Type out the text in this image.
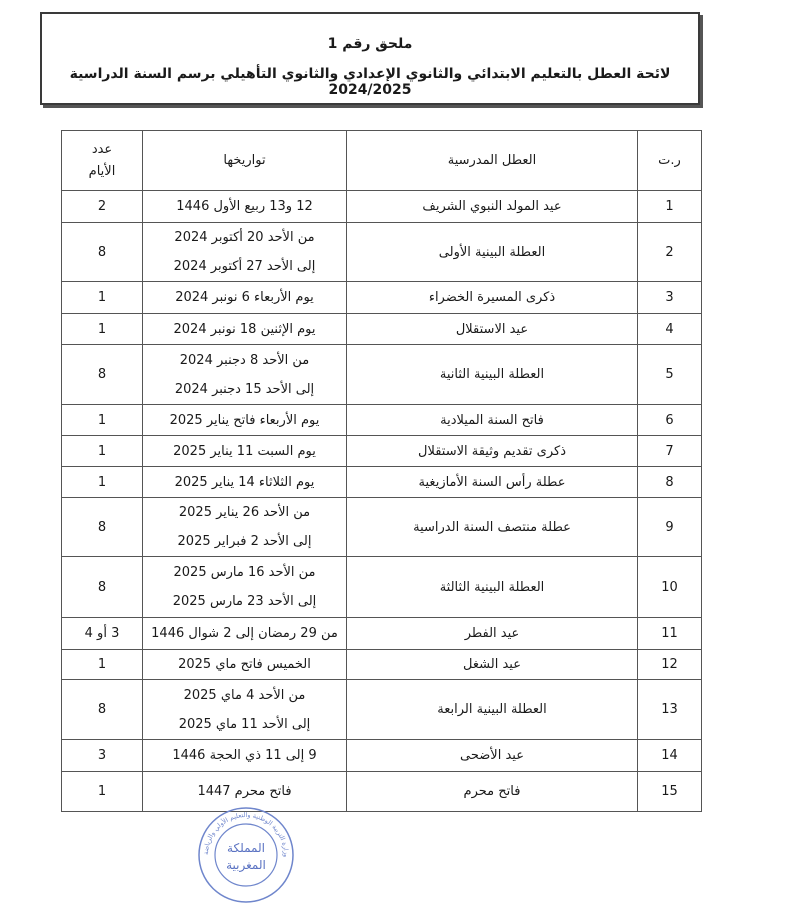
ملحق رقم 1
لائحة العطل بالتعليم الابتدائي والثانوي الإعدادي والثانوي التأهيلي برسم السنة الدراسية 2024/2025
ر.ت	العطل المدرسية	تواريخها	عدد
الأيام

1	عيد المولد النبوي الشريف	12 و13 ربيع الأول 1446	2
2	العطلة البينية الأولى	من الأحد 20 أكتوبر 2024
إلى الأحد 27 أكتوبر 2024	8
3	ذكرى المسيرة الخضراء	يوم الأربعاء 6 نونبر 2024	1
4	عيد الاستقلال	يوم الإثنين 18 نونبر 2024	1
5	العطلة البينية الثانية	من الأحد 8 دجنبر 2024
إلى الأحد 15 دجنبر 2024	8
6	فاتح السنة الميلادية	يوم الأربعاء فاتح يناير 2025	1
7	ذكرى تقديم وثيقة الاستقلال	يوم السبت 11 يناير 2025	1
8	عطلة رأس السنة الأمازيغية	يوم الثلاثاء 14 يناير 2025	1
9	عطلة منتصف السنة الدراسية	من الأحد 26 يناير 2025
إلى الأحد 2 فبراير 2025	8
10	العطلة البينية الثالثة	من الأحد 16 مارس 2025
إلى الأحد 23 مارس 2025	8
11	عيد الفطر	من 29 رمضان إلى 2 شوال 1446	3 أو 4
12	عيد الشغل	الخميس فاتح ماي 2025	1
13	العطلة البينية الرابعة	من الأحد 4 ماي 2025
إلى الأحد 11 ماي 2025	8
14	عيد الأضحى	9 إلى 11 ذي الحجة 1446	3
15	فاتح محرم	فاتح محرم 1447	1
وزارة التربية الوطنية والتعليم الأولي والرياضة
المملكة
المغربية
